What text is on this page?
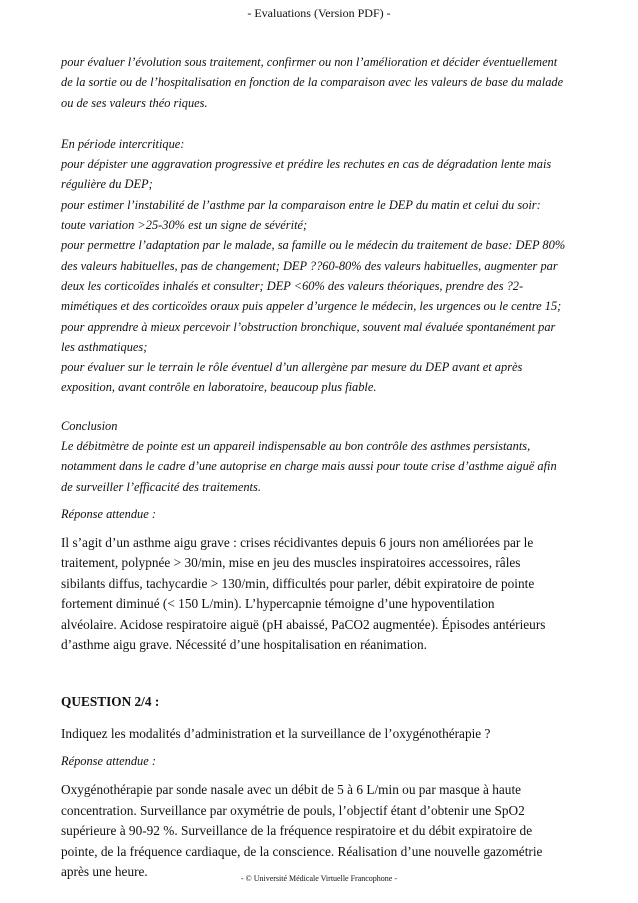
- Evaluations (Version PDF) -

pour évaluer l’évolution sous traitement, confirmer ou non l’amélioration et décider éventuellement
de la sortie ou de l’hospitalisation en fonction de la comparaison avec les valeurs de base du malade
ou de ses valeurs théo riques.

En période intercritique:
pour dépister une aggravation progressive et prédire les rechutes en cas de dégradation lente mais
régulière du DEP;
pour estimer l’instabilité de l’asthme par la comparaison entre le DEP du matin et celui du soir:
toute variation >25-30% est un signe de sévérité;
pour permettre l’adaptation par le malade, sa famille ou le médecin du traitement de base: DEP 80%
des valeurs habituelles, pas de changement; DEP ??60-80% des valeurs habituelles, augmenter par
deux les corticoïdes inhalés et consulter; DEP <60% des valeurs théoriques, prendre des ?2-
mimétiques et des corticoïdes oraux puis appeler d’urgence le médecin, les urgences ou le centre 15;
pour apprendre à mieux percevoir l’obstruction bronchique, souvent mal évaluée spontanément par
les asthmatiques;
pour évaluer sur le terrain le rôle éventuel d’un allergène par mesure du DEP avant et après
exposition, avant contrôle en laboratoire, beaucoup plus fiable.

Conclusion
Le débitmètre de pointe est un appareil indispensable au bon contrôle des asthmes persistants,
notamment dans le cadre d’une autoprise en charge mais aussi pour toute crise d’asthme aiguë afin
de surveiller l’efficacité des traitements.

Réponse attendue :

Il s’agit d’un asthme aigu grave : crises récidivantes depuis 6 jours non améliorées par le
traitement, polypnée > 30/min, mise en jeu des muscles inspiratoires accessoires, râles
sibilants diffus, tachycardie > 130/min, difficultés pour parler, débit expiratoire de pointe
fortement diminué (< 150 L/min). L’hypercapnie témoigne d’une hypoventilation
alvéolaire. Acidose respiratoire aiguë (pH abaissé, PaCO2 augmentée). Épisodes antérieurs
d’asthme aigu grave. Nécessité d’une hospitalisation en réanimation.

QUESTION 2/4 :

Indiquez les modalités d’administration et la surveillance de l’oxygénothérapie ?

Réponse attendue :

Oxygénothérapie par sonde nasale avec un débit de 5 à 6 L/min ou par masque à haute
concentration. Surveillance par oxymétrie de pouls, l’objectif étant d’obtenir une SpO2
supérieure à 90-92 %. Surveillance de la fréquence respiratoire et du débit expiratoire de
pointe, de la fréquence cardiaque, de la conscience. Réalisation d’une nouvelle gazométrie
après une heure.	- © Université Médicale Virtuelle Francophone -
